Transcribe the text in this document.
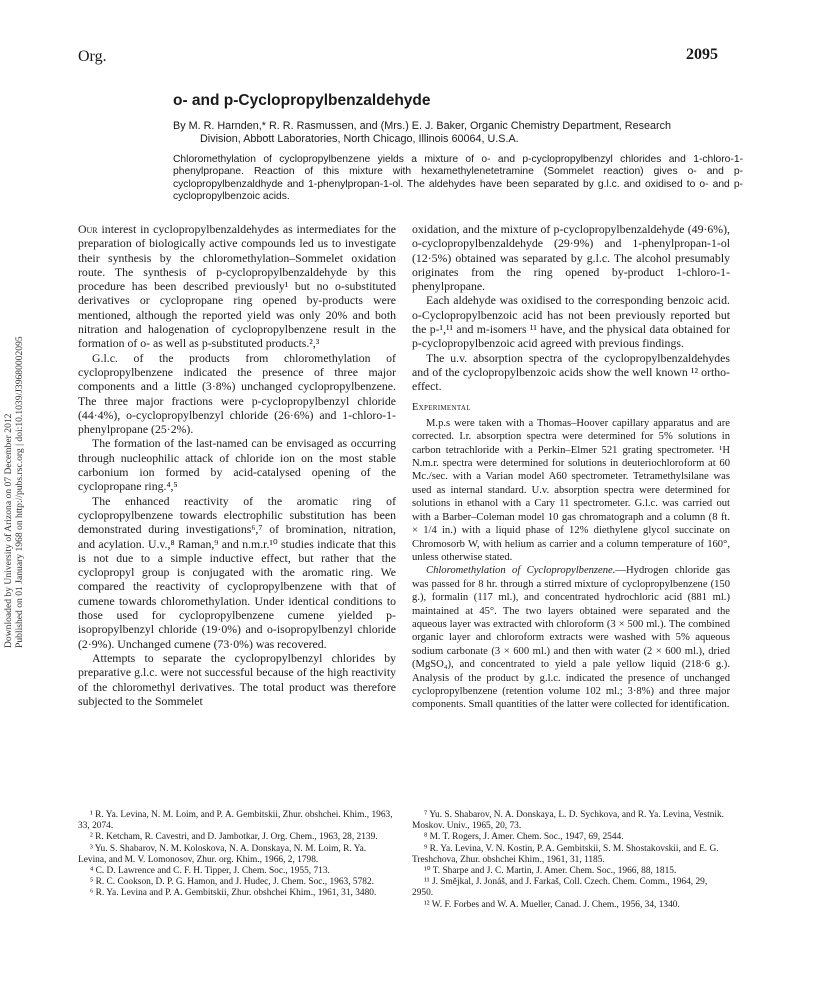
Org.	2095
Downloaded by University of Arizona on 07 December 2012 Published on 01 January 1968 on http://pubs.rsc.org | doi:10.1039/J39680002095
o- and p-Cyclopropylbenzaldehyde
By M. R. Harnden,* R. R. Rasmussen, and (Mrs.) E. J. Baker, Organic Chemistry Department, Research
Division, Abbott Laboratories, North Chicago, Illinois 60064, U.S.A.
Chloromethylation of cyclopropylbenzene yields a mixture of o- and p-cyclopropylbenzyl chlorides and 1-chloro-1-phenylpropane. Reaction of this mixture with hexamethylenetetramine (Sommelet reaction) gives o- and p-cyclopropylbenzaldhyde and 1-phenylpropan-1-ol. The aldehydes have been separated by g.l.c. and oxidised to o- and p-cyclopropylbenzoic acids.

Our interest in cyclopropylbenzaldehydes as intermediates for the preparation of biologically active compounds led us to investigate their synthesis by the chloromethylation–Sommelet oxidation route. The synthesis of p-cyclopropylbenzaldehyde by this procedure has been described previously¹ but no o-substituted derivatives or cyclopropane ring opened by-products were mentioned, although the reported yield was only 20% and both nitration and halogenation of cyclopropylbenzene result in the formation of o- as well as p-substituted products.²,³

G.l.c. of the products from chloromethylation of cyclopropylbenzene indicated the presence of three major components and a little (3·8%) unchanged cyclopropylbenzene. The three major fractions were p-cyclopropylbenzyl chloride (44·4%), o-cyclopropylbenzyl chloride (26·6%) and 1-chloro-1-phenylpropane (25·2%).

The formation of the last-named can be envisaged as occurring through nucleophilic attack of chloride ion on the most stable carbonium ion formed by acid-catalysed opening of the cyclopropane ring.⁴,⁵

The enhanced reactivity of the aromatic ring of cyclopropylbenzene towards electrophilic substitution has been demonstrated during investigations⁶,⁷ of bromination, nitration, and acylation. U.v.,⁸ Raman,⁹ and n.m.r.¹⁰ studies indicate that this is not due to a simple inductive effect, but rather that the cyclopropyl group is conjugated with the aromatic ring. We compared the reactivity of cyclopropylbenzene with that of cumene towards chloromethylation. Under identical conditions to those used for cyclopropylbenzene cumene yielded p-isopropylbenzyl chloride (19·0%) and o-isopropylbenzyl chloride (2·9%). Unchanged cumene (73·0%) was recovered.

Attempts to separate the cyclopropylbenzyl chlorides by preparative g.l.c. were not successful because of the high reactivity of the chloromethyl derivatives. The total product was therefore subjected to the Sommelet

oxidation, and the mixture of p-cyclopropylbenzaldehyde (49·6%), o-cyclopropylbenzaldehyde (29·9%) and 1-phenylpropan-1-ol (12·5%) obtained was separated by g.l.c. The alcohol presumably originates from the ring opened by-product 1-chloro-1-phenylpropane.

Each aldehyde was oxidised to the corresponding benzoic acid. o-Cyclopropylbenzoic acid has not been previously reported but the p-¹,¹¹ and m-isomers ¹¹ have, and the physical data obtained for p-cyclopropylbenzoic acid agreed with previous findings.

The u.v. absorption spectra of the cyclopropylbenzaldehydes and of the cyclopropylbenzoic acids show the well known ¹² ortho-effect.

Experimental

M.p.s were taken with a Thomas–Hoover capillary apparatus and are corrected. I.r. absorption spectra were determined for 5% solutions in carbon tetrachloride with a Perkin–Elmer 521 grating spectrometer. ¹H N.m.r. spectra were determined for solutions in deuteriochloroform at 60 Mc./sec. with a Varian model A60 spectrometer. Tetramethylsilane was used as internal standard. U.v. absorption spectra were determined for solutions in ethanol with a Cary 11 spectrometer. G.l.c. was carried out with a Barber–Coleman model 10 gas chromatograph and a column (8 ft. × 1/4 in.) with a liquid phase of 12% diethylene glycol succinate on Chromosorb W, with helium as carrier and a column temperature of 160°, unless otherwise stated.

Chloromethylation of Cyclopropylbenzene.—Hydrogen chloride gas was passed for 8 hr. through a stirred mixture of cyclopropylbenzene (150 g.), formalin (117 ml.), and concentrated hydrochloric acid (881 ml.) maintained at 45°. The two layers obtained were separated and the aqueous layer was extracted with chloroform (3 × 500 ml.). The combined organic layer and chloroform extracts were washed with 5% aqueous sodium carbonate (3 × 600 ml.) and then with water (2 × 600 ml.), dried (MgSO₄), and concentrated to yield a pale yellow liquid (218·6 g.). Analysis of the product by g.l.c. indicated the presence of unchanged cyclopropylbenzene (retention volume 102 ml.; 3·8%) and three major components. Small quantities of the latter were collected for identification.

¹ R. Ya. Levina, N. M. Loim, and P. A. Gembitskii, Zhur. obshchei. Khim., 1963, 33, 2074.
² R. Ketcham, R. Cavestri, and D. Jambotkar, J. Org. Chem., 1963, 28, 2139.
³ Yu. S. Shabarov, N. M. Koloskova, N. A. Donskaya, N. M. Loim, R. Ya. Levina, and M. V. Lomonosov, Zhur. org. Khim., 1966, 2, 1798.
⁴ C. D. Lawrence and C. F. H. Tipper, J. Chem. Soc., 1955, 713.
⁵ R. C. Cookson, D. P. G. Hamon, and J. Hudec, J. Chem. Soc., 1963, 5782.
⁶ R. Ya. Levina and P. A. Gembitskii, Zhur. obshchei Khim., 1961, 31, 3480.
⁷ Yu. S. Shabarov, N. A. Donskaya, L. D. Sychkova, and R. Ya. Levina, Vestnik. Moskov. Univ., 1965, 20, 73.
⁸ M. T. Rogers, J. Amer. Chem. Soc., 1947, 69, 2544.
⁹ R. Ya. Levina, V. N. Kostin, P. A. Gembitskii, S. M. Shostakovskii, and E. G. Treshchova, Zhur. obshchei Khim., 1961, 31, 1185.
¹⁰ T. Sharpe and J. C. Martin, J. Amer. Chem. Soc., 1966, 88, 1815.
¹¹ J. Smějkal, J. Jonáš, and J. Farkaš, Coll. Czech. Chem. Comm., 1964, 29, 2950.
¹² W. F. Forbes and W. A. Mueller, Canad. J. Chem., 1956, 34, 1340.
